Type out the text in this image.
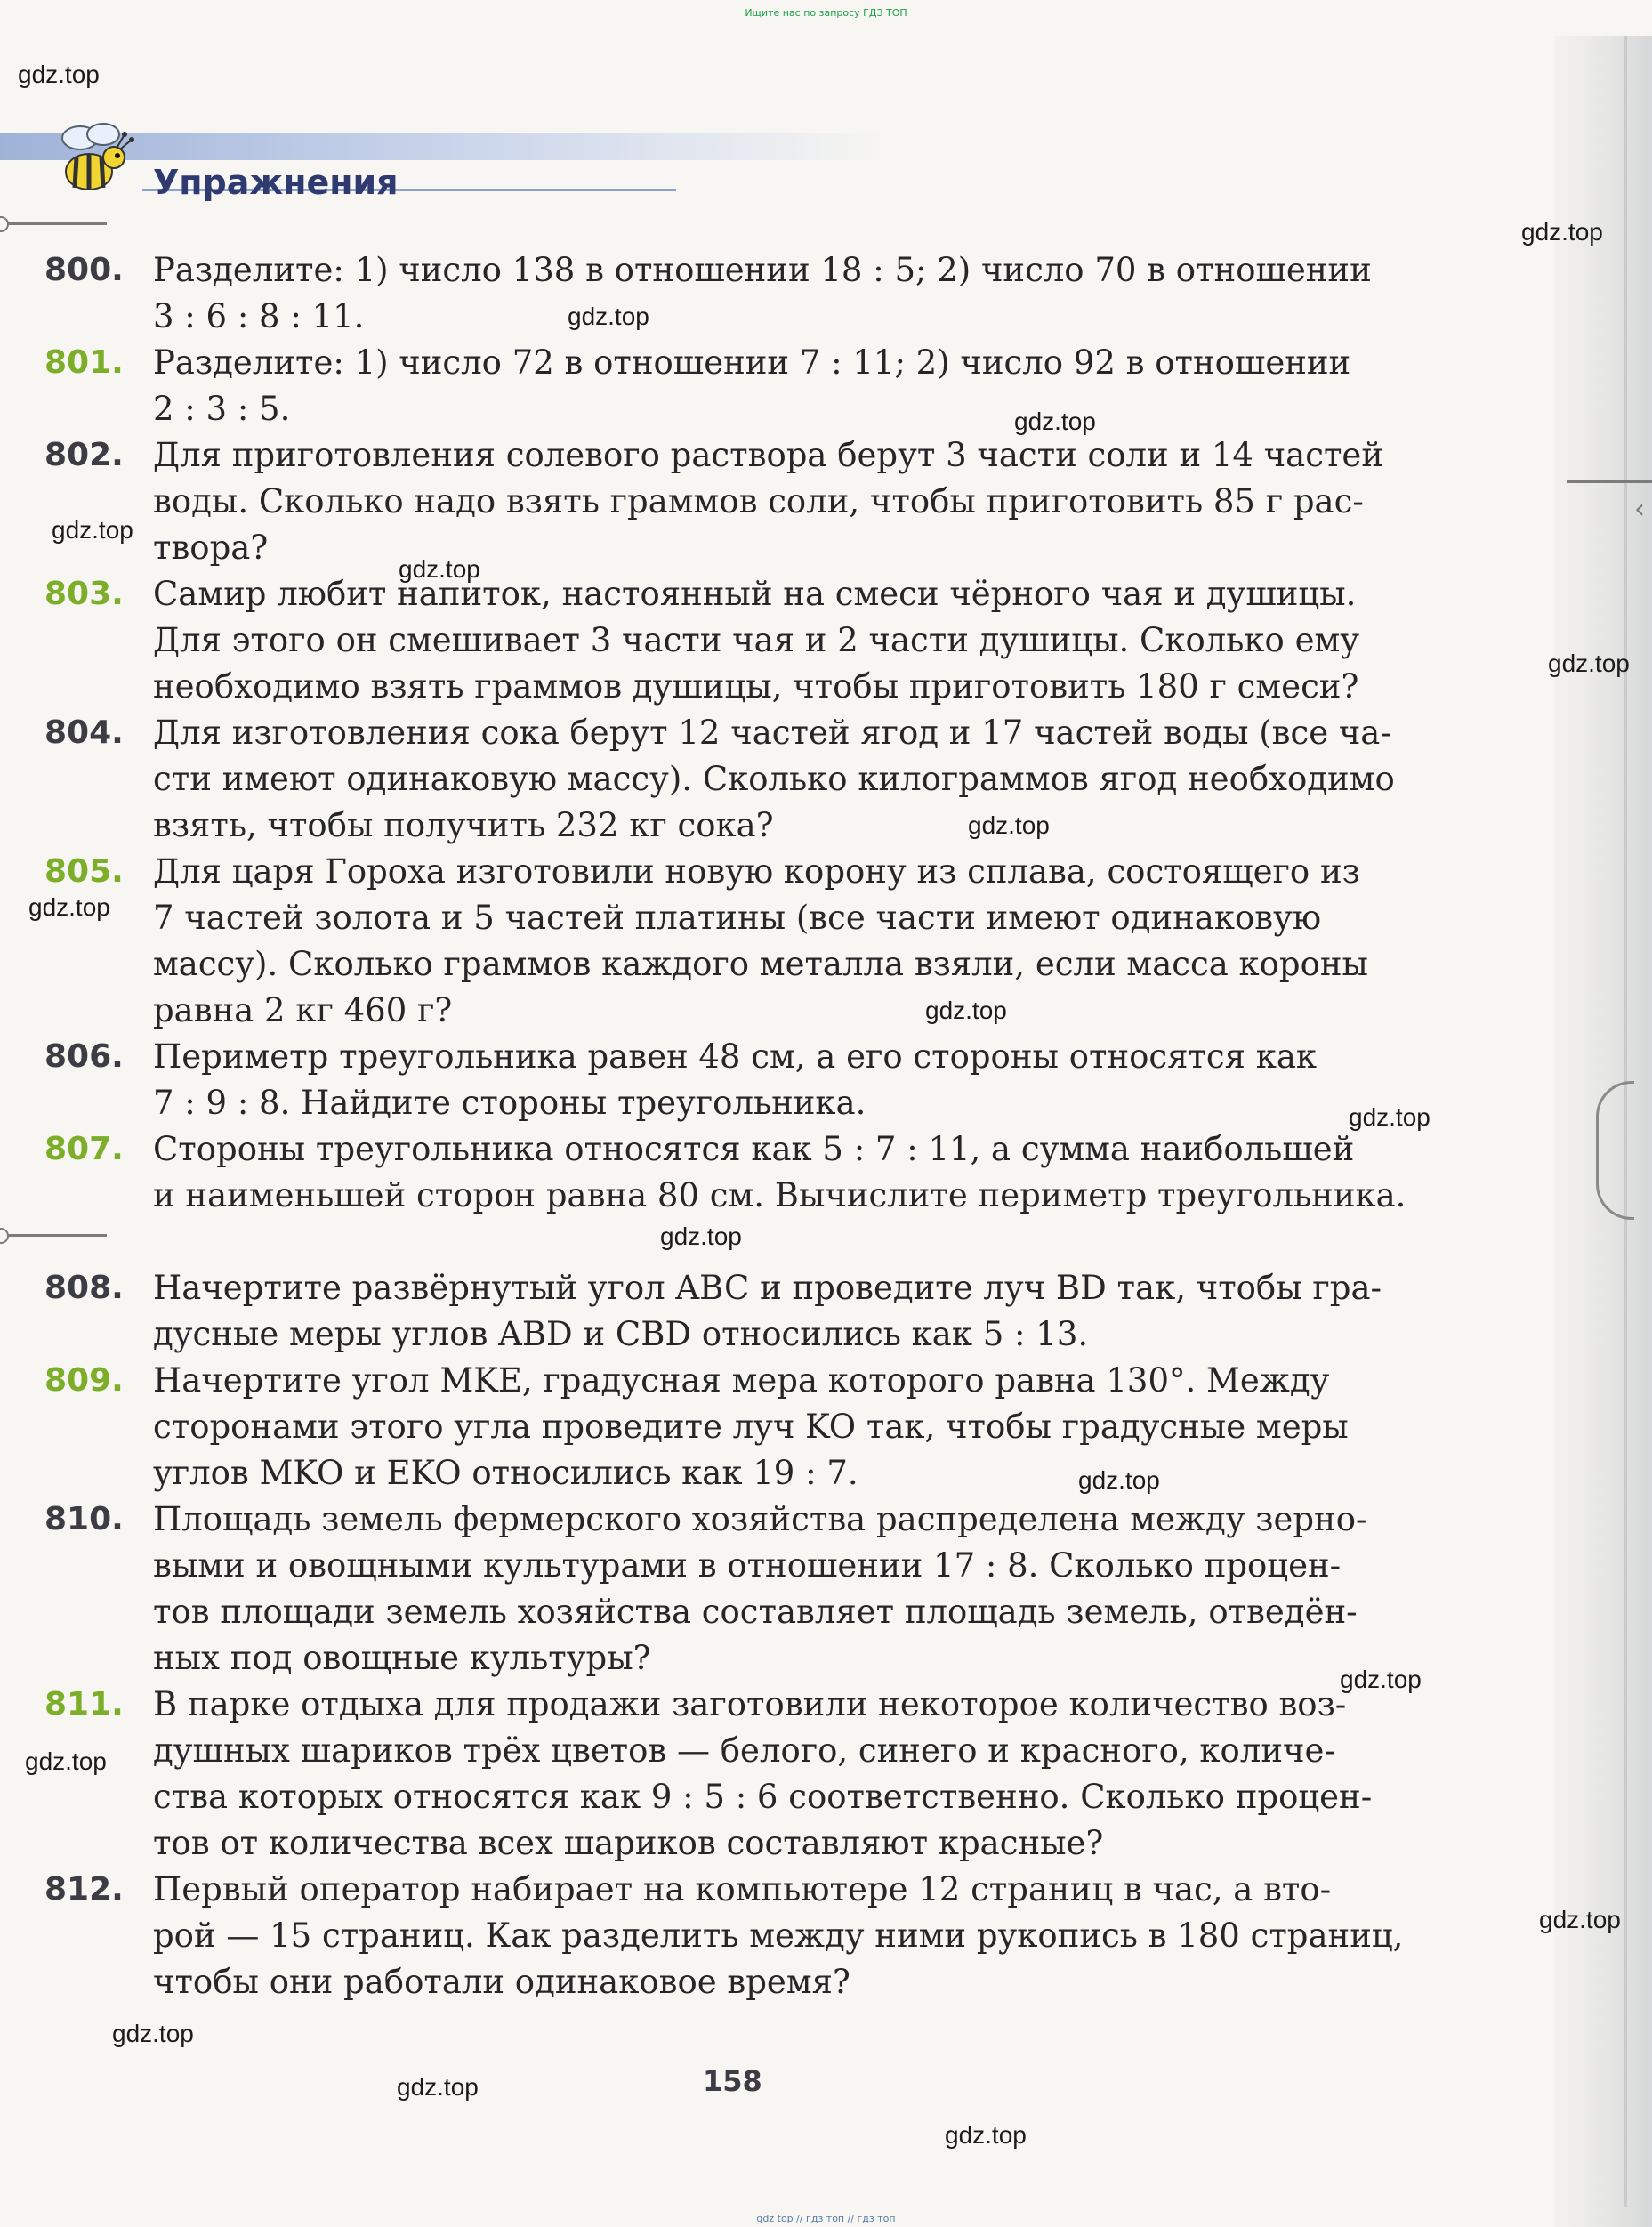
‹
Ищите нас по запросу ГДЗ ТОП
Упражнения
800. Разделите: 1) число 138 в отношении 18 : 5; 2) число 70 в отношении
3 : 6 : 8 : 11.
801. Разделите: 1) число 72 в отношении 7 : 11; 2) число 92 в отношении
2 : 3 : 5.
802. Для приготовления солевого раствора берут 3 части соли и 14 частей
воды. Сколько надо взять граммов соли, чтобы приготовить 85 г рас-
твора?
803. Самир любит напиток, настоянный на смеси чёрного чая и душицы.
Для этого он смешивает 3 части чая и 2 части душицы. Сколько ему
необходимо взять граммов душицы, чтобы приготовить 180 г смеси?
804. Для изготовления сока берут 12 частей ягод и 17 частей воды (все ча-
сти имеют одинаковую массу). Сколько килограммов ягод необходимо
взять, чтобы получить 232 кг сока?
805. Для царя Гороха изготовили новую корону из сплава, состоящего из
7 частей золота и 5 частей платины (все части имеют одинаковую
массу). Сколько граммов каждого металла взяли, если масса короны
равна 2 кг 460 г?
806. Периметр треугольника равен 48 см, а его стороны относятся как
7 : 9 : 8. Найдите стороны треугольника.
807. Стороны треугольника относятся как 5 : 7 : 11, а сумма наибольшей
и наименьшей сторон равна 80 см. Вычислите периметр треугольника.
808. Начертите развёрнутый угол ABC и проведите луч BD так, чтобы гра-
дусные меры углов ABD и CBD относились как 5 : 13.
809. Начертите угол MKE, градусная мера которого равна 130°. Между
сторонами этого угла проведите луч KO так, чтобы градусные меры
углов MKO и EKO относились как 19 : 7.
810. Площадь земель фермерского хозяйства распределена между зерно-
выми и овощными культурами в отношении 17 : 8. Сколько процен-
тов площади земель хозяйства составляет площадь земель, отведён-
ных под овощные культуры?
811. В парке отдыха для продажи заготовили некоторое количество воз-
душных шариков трёх цветов — белого, синего и красного, количе-
ства которых относятся как 9 : 5 : 6 соответственно. Сколько процен-
тов от количества всех шариков составляют красные?
812. Первый оператор набирает на компьютере 12 страниц в час, а вто-
рой — 15 страниц. Как разделить между ними рукопись в 180 страниц,
чтобы они работали одинаковое время?
158
gdz top // гдз топ // гдз топ
gdz.top
gdz.top
gdz.top
gdz.top
gdz.top
gdz.top
gdz.top
gdz.top
gdz.top
gdz.top
gdz.top
gdz.top
gdz.top
gdz.top
gdz.top
gdz.top
gdz.top
gdz.top
gdz.top
